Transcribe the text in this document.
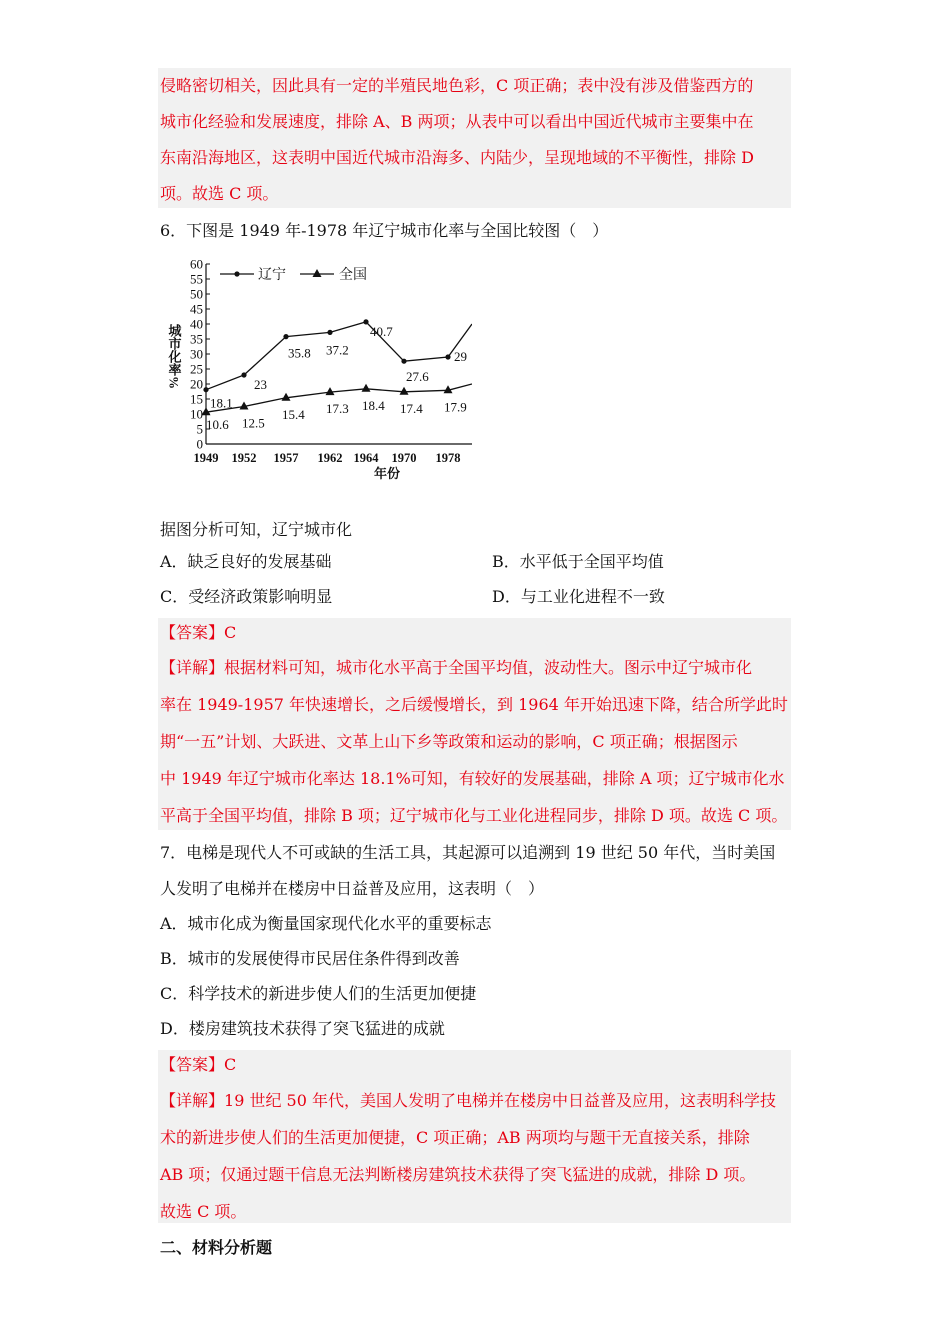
侵略密切相关，因此具有一定的半殖民地色彩，C 项正确；表中没有涉及借鉴西方的
城市化经验和发展速度，排除 A、B 两项；从表中可以看出中国近代城市主要集中在
东南沿海地区，这表明中国近代城市沿海多、内陆少，呈现地域的不平衡性，排除 D
项。故选 C 项。
6．下图是 1949 年-1978 年辽宁城市化率与全国比较图（　）
0
5
10
15
20
25
30
35
40
45
50
55
60
1949 1952 1957 1962 1964 1970 1978
辽宁	全国
城市化率%
年份
18.1
23
35.8 37.2
40.7
27.6
29
10.6 12.5
15.4 17.3 18.4 17.4 17.9
据图分析可知，辽宁城市化
A．缺乏良好的发展基础	B．水平低于全国平均值
C．受经济政策影响明显	D．与工业化进程不一致
【答案】C
【详解】根据材料可知，城市化水平高于全国平均值，波动性大。图示中辽宁城市化
率在 1949-1957 年快速增长，之后缓慢增长，到 1964 年开始迅速下降，结合所学此时
期“一五”计划、大跃进、文革上山下乡等政策和运动的影响，C 项正确；根据图示
中 1949 年辽宁城市化率达 18.1%可知，有较好的发展基础，排除 A 项；辽宁城市化水
平高于全国平均值，排除 B 项；辽宁城市化与工业化进程同步，排除 D 项。故选 C 项。
7．电梯是现代人不可或缺的生活工具，其起源可以追溯到 19 世纪 50 年代，当时美国
人发明了电梯并在楼房中日益普及应用，这表明（　）
A．城市化成为衡量国家现代化水平的重要标志
B．城市的发展使得市民居住条件得到改善
C．科学技术的新进步使人们的生活更加便捷
D．楼房建筑技术获得了突飞猛进的成就
【答案】C
【详解】19 世纪 50 年代，美国人发明了电梯并在楼房中日益普及应用，这表明科学技
术的新进步使人们的生活更加便捷，C 项正确；AB 两项均与题干无直接关系，排除
AB 项；仅通过题干信息无法判断楼房建筑技术获得了突飞猛进的成就，排除 D 项。
故选 C 项。
二、材料分析题
